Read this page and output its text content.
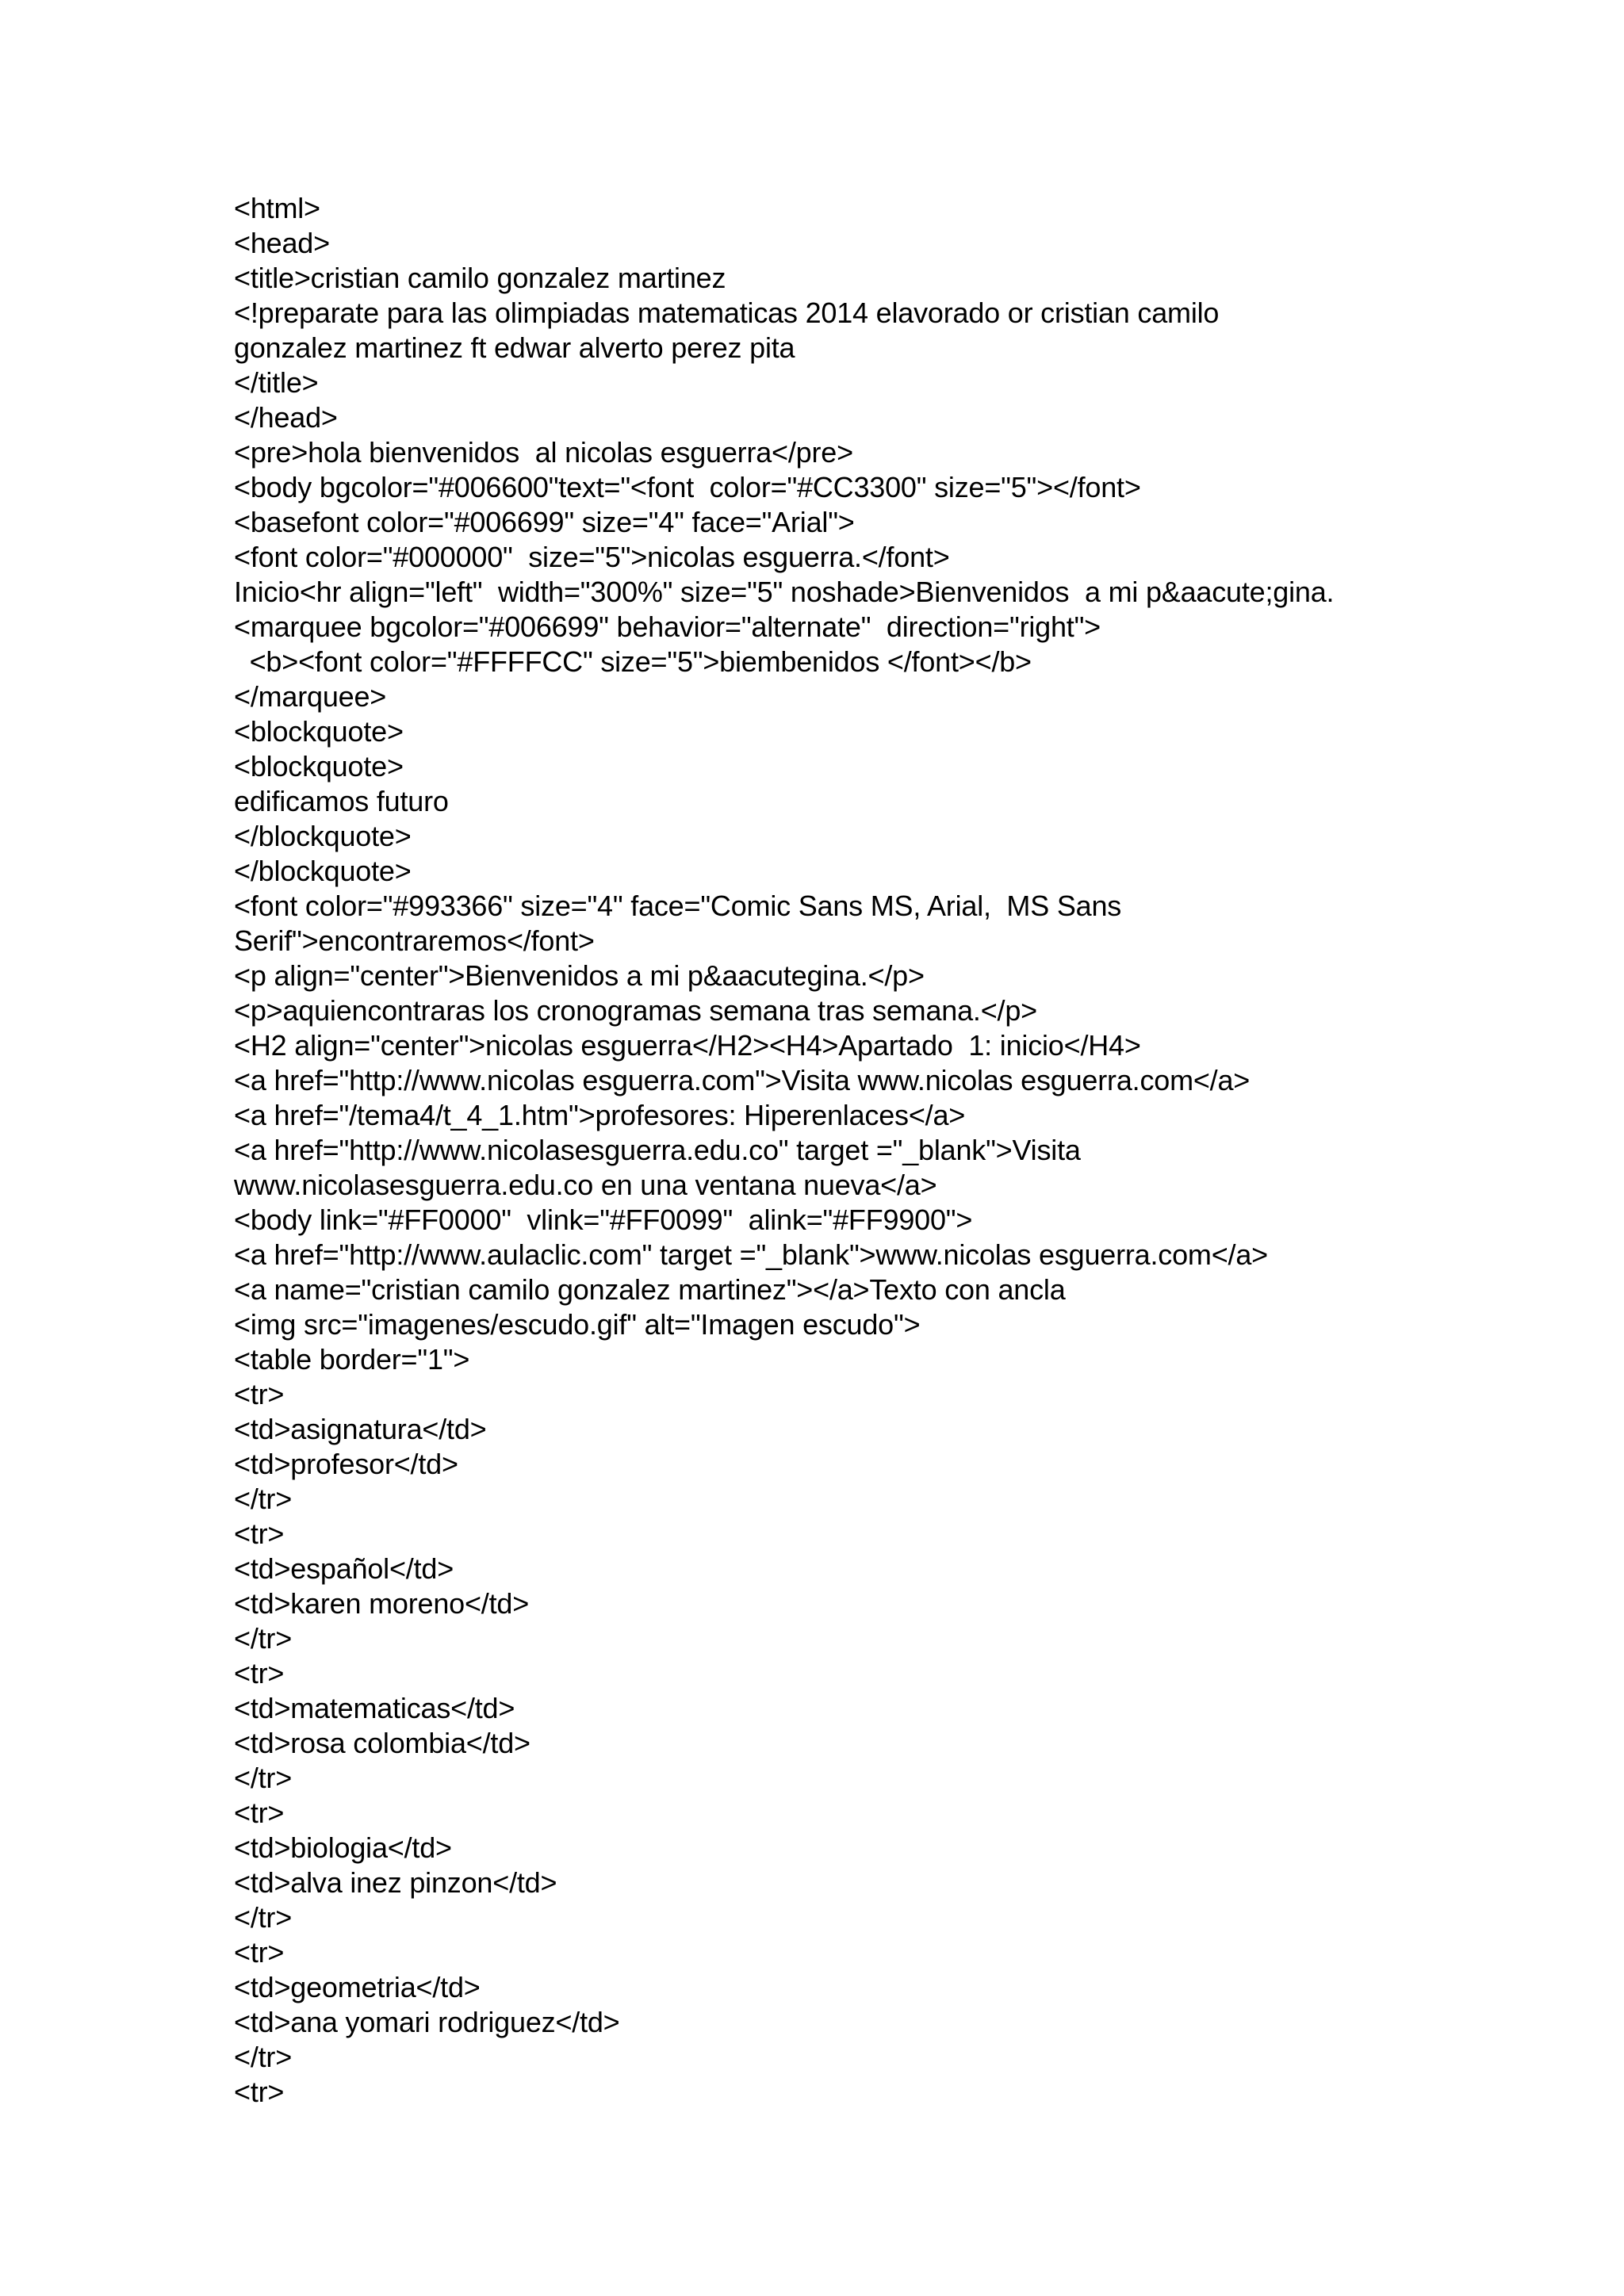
<html>
<head>
<title>cristian camilo gonzalez martinez
<!preparate para las olimpiadas matematicas 2014 elavorado or cristian camilo
gonzalez martinez ft edwar alverto perez pita
</title>
</head>
<pre>hola bienvenidos  al nicolas esguerra</pre>
<body bgcolor="#006600"text="<font  color="#CC3300" size="5"></font>
<basefont color="#006699" size="4" face="Arial">
<font color="#000000"  size="5">nicolas esguerra.</font>
Inicio<hr align="left"  width="300%" size="5" noshade>Bienvenidos  a mi p&aacute;gina.
<marquee bgcolor="#006699" behavior="alternate"  direction="right">
<b><font color="#FFFFCC" size="5">biembenidos </font></b>
</marquee>
<blockquote>
<blockquote>
edificamos futuro
</blockquote>
</blockquote>
<font color="#993366" size="4" face="Comic Sans MS, Arial,  MS Sans
Serif">encontraremos</font>
<p align="center">Bienvenidos a mi p&aacutegina.</p>
<p>aquiencontraras los cronogramas semana tras semana.</p>
<H2 align="center">nicolas esguerra</H2><H4>Apartado  1: inicio</H4>
<a href="http://www.nicolas esguerra.com">Visita www.nicolas esguerra.com</a>
<a href="/tema4/t_4_1.htm">profesores: Hiperenlaces</a>
<a href="http://www.nicolasesguerra.edu.co" target ="_blank">Visita
www.nicolasesguerra.edu.co en una ventana nueva</a>
<body link="#FF0000"  vlink="#FF0099"  alink="#FF9900">
<a href="http://www.aulaclic.com" target ="_blank">www.nicolas esguerra.com</a>
<a name="cristian camilo gonzalez martinez"></a>Texto con ancla
<img src="imagenes/escudo.gif" alt="Imagen escudo">
<table border="1">
<tr>
<td>asignatura</td>
<td>profesor</td>
</tr>
<tr>
<td>español</td>
<td>karen moreno</td>
</tr>
<tr>
<td>matematicas</td>
<td>rosa colombia</td>
</tr>
<tr>
<td>biologia</td>
<td>alva inez pinzon</td>
</tr>
<tr>
<td>geometria</td>
<td>ana yomari rodriguez</td>
</tr>
<tr>
